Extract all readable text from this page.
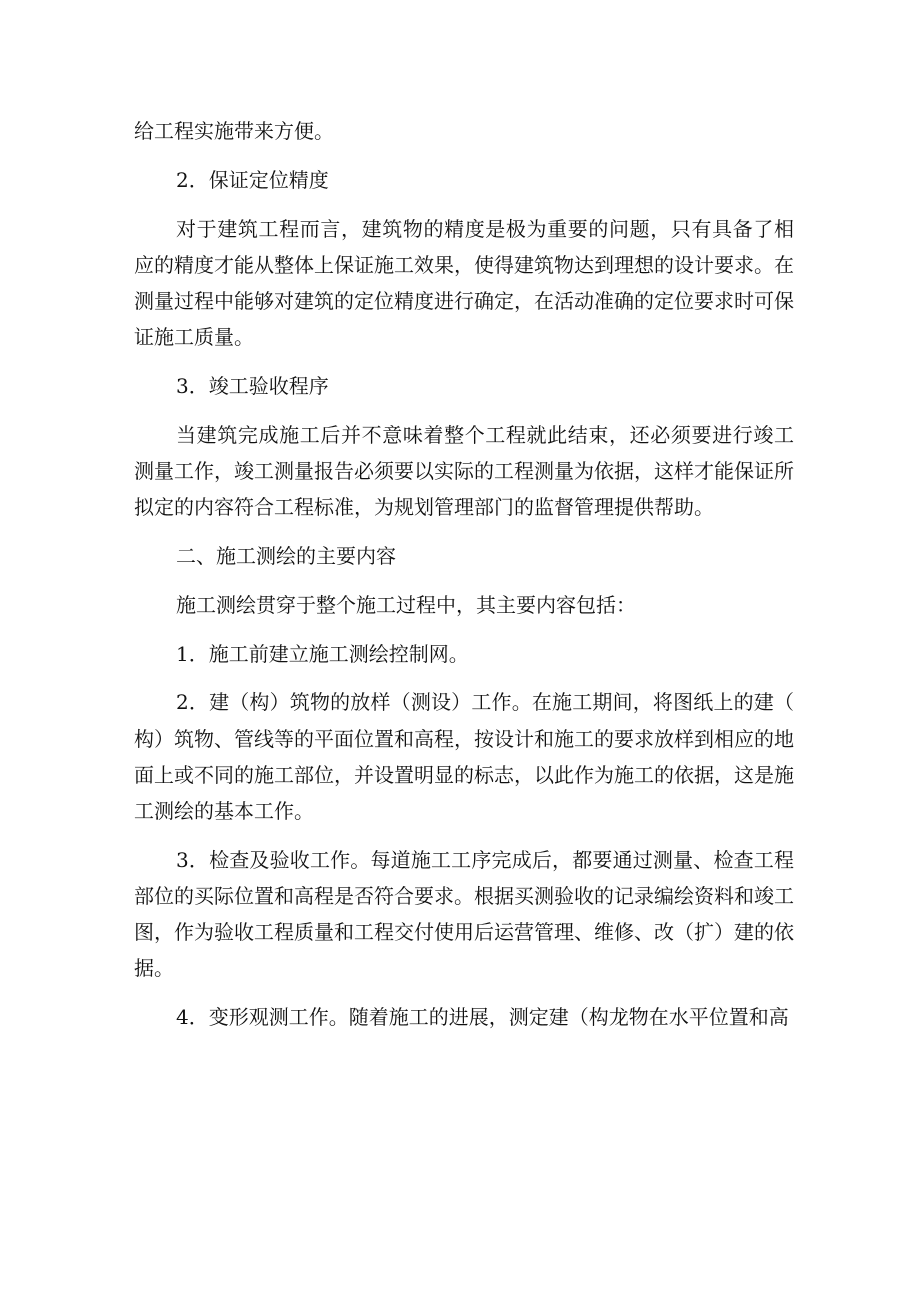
给工程实施带来方便。

2．保证定位精度

对于建筑工程而言，建筑物的精度是极为重要的问题，只有具备了相应的精度才能从整体上保证施工效果，使得建筑物达到理想的设计要求。在测量过程中能够对建筑的定位精度进行确定，在活动准确的定位要求时可保证施工质量。

3．竣工验收程序

当建筑完成施工后并不意味着整个工程就此结束，还必须要进行竣工测量工作，竣工测量报告必须要以实际的工程测量为依据，这样才能保证所拟定的内容符合工程标准，为规划管理部门的监督管理提供帮助。

二、施工测绘的主要内容

施工测绘贯穿于整个施工过程中，其主要内容包括：

1．施工前建立施工测绘控制网。

2．建（构）筑物的放样（测设）工作。在施工期间，将图纸上的建（构）筑物、管线等的平面位置和高程，按设计和施工的要求放样到相应的地面上或不同的施工部位，并设置明显的标志，以此作为施工的依据，这是施工测绘的基本工作。

3．检查及验收工作。每道施工工序完成后，都要通过测量、检查工程部位的买际位置和高程是否符合要求。根据买测验收的记录编绘资料和竣工图，作为验收工程质量和工程交付使用后运营管理、维修、改（扩）建的依据。

4．变形观测工作。随着施工的进展，测定建（构龙物在水平位置和高
